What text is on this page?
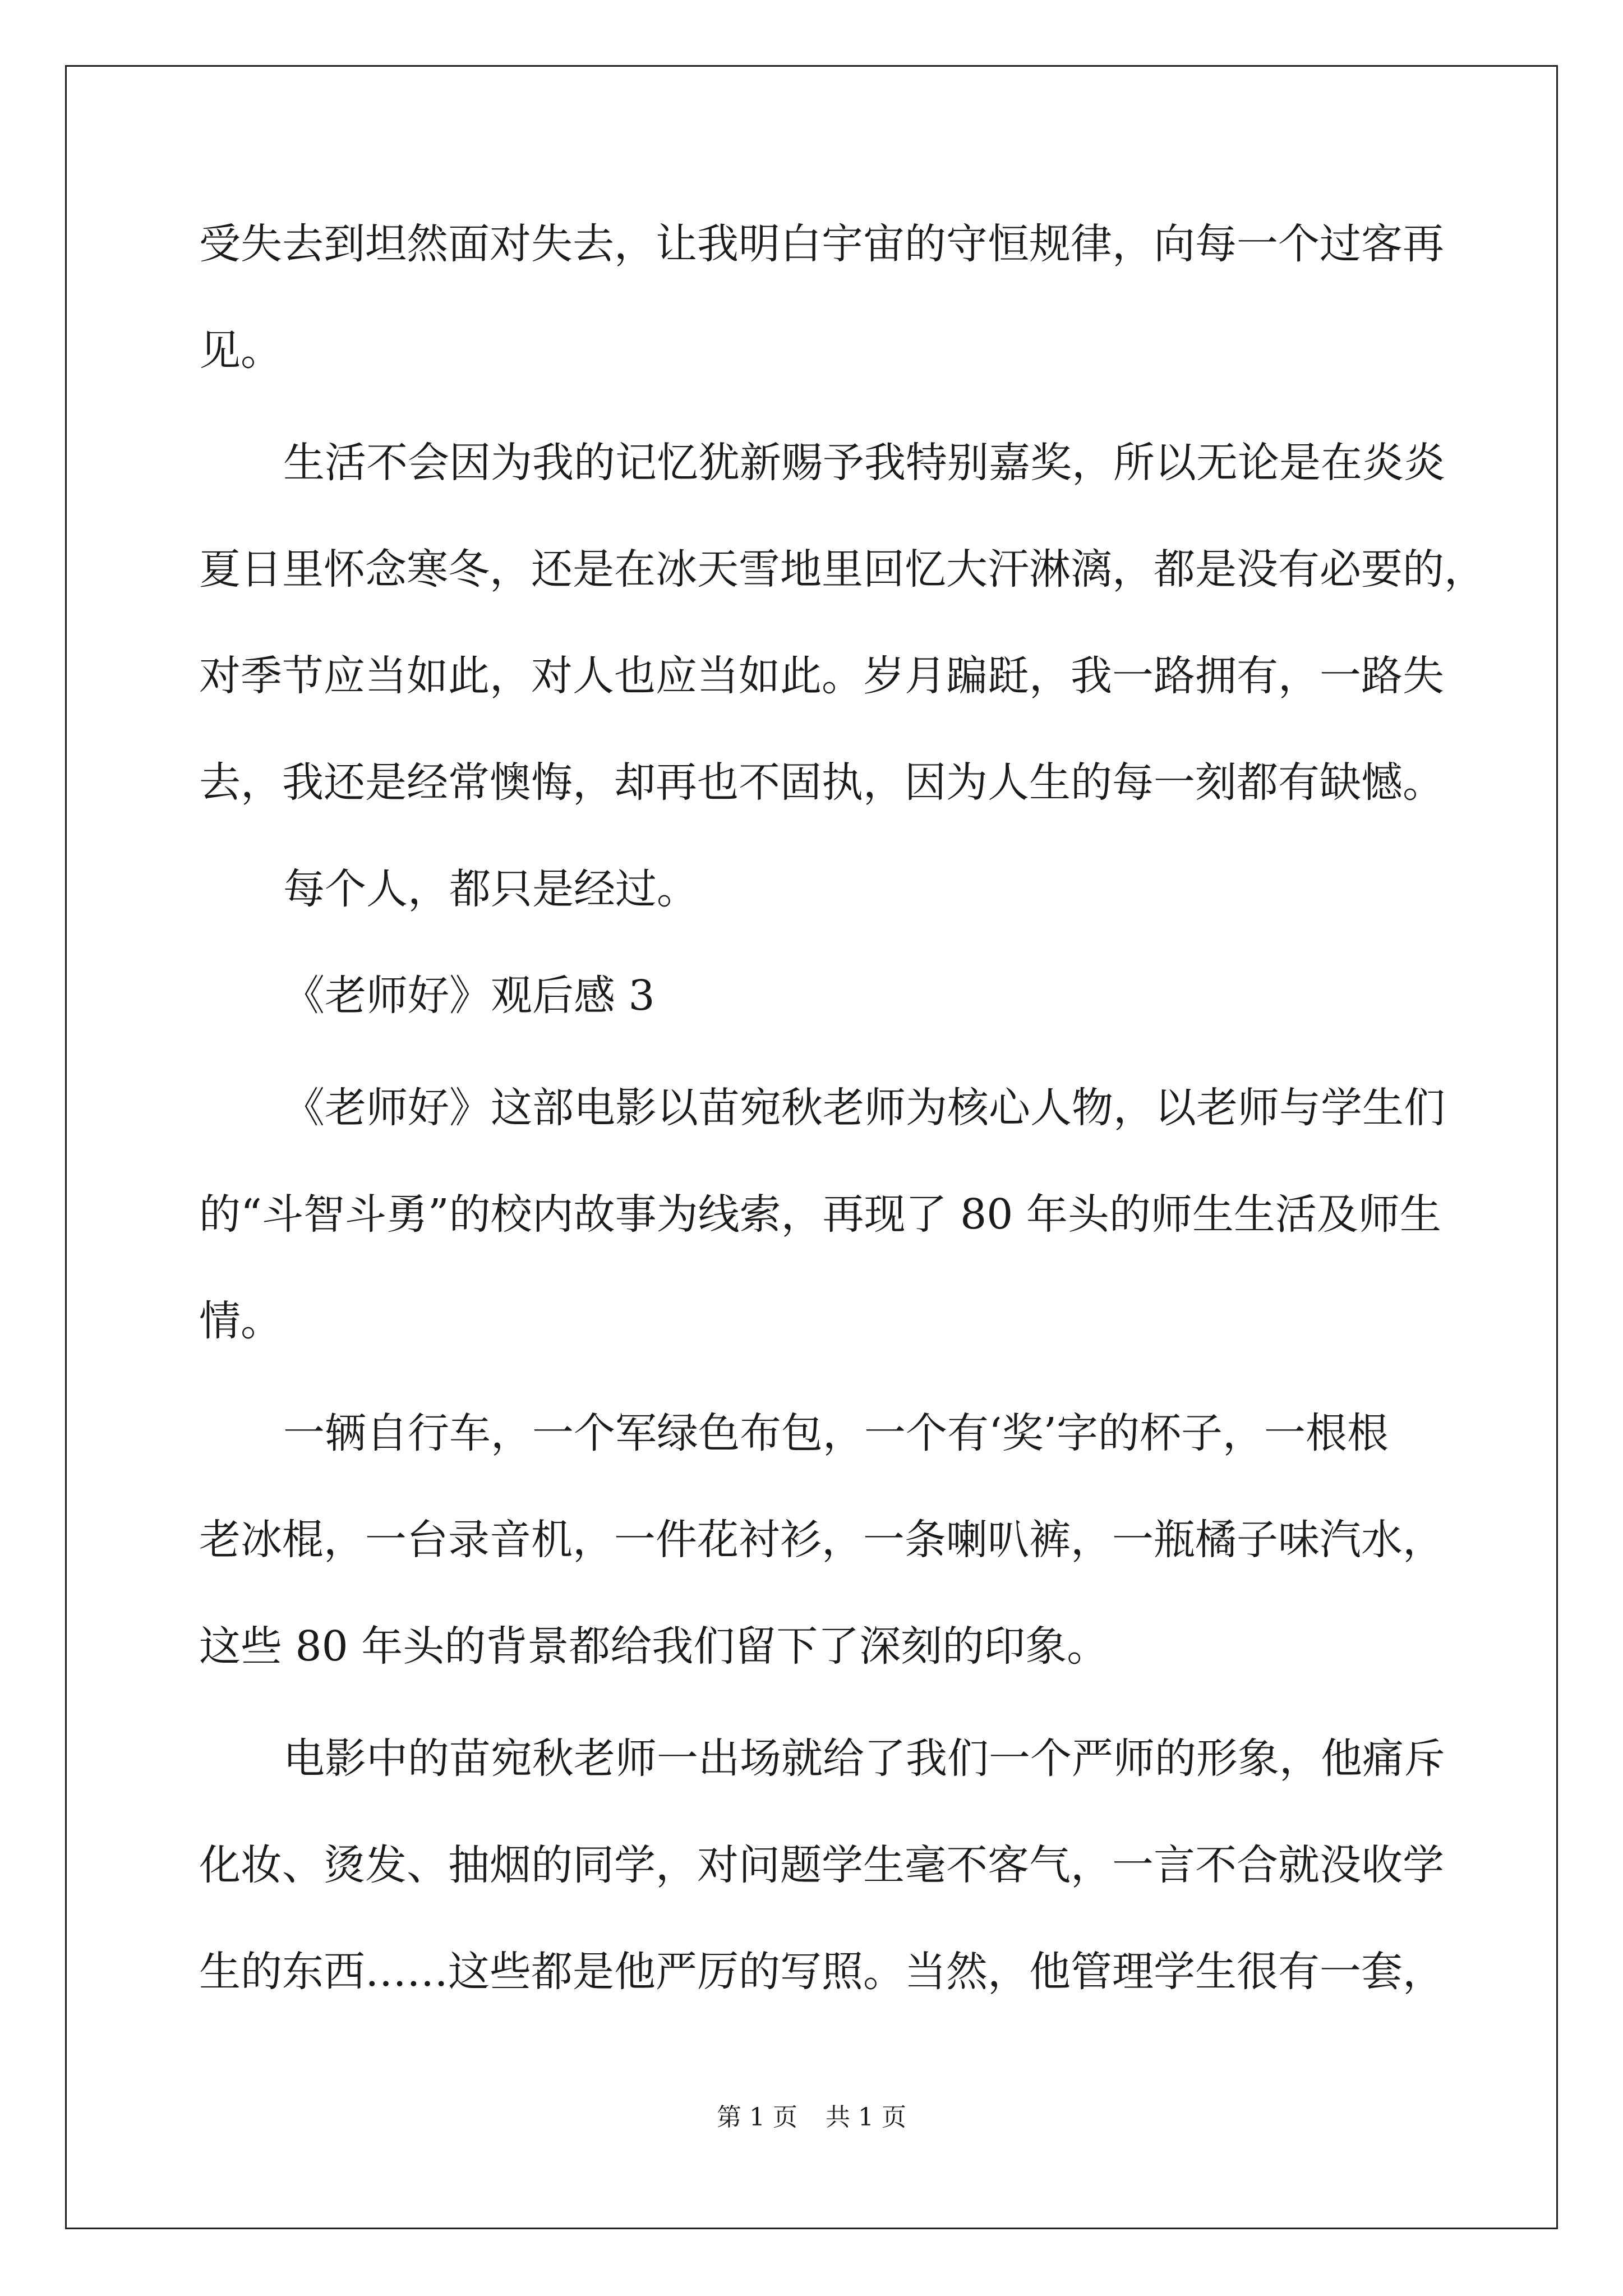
受失去到坦然面对失去，让我明白宇宙的守恒规律，向每一个过客再
见。
生活不会因为我的记忆犹新赐予我特别嘉奖，所以无论是在炎炎
夏日里怀念寒冬，还是在冰天雪地里回忆大汗淋漓，都是没有必要的，
对季节应当如此，对人也应当如此。岁月蹁跹，我一路拥有，一路失
去，我还是经常懊悔，却再也不固执，因为人生的每一刻都有缺憾。
每个人，都只是经过。
《老师好》观后感 3
《老师好》这部电影以苗宛秋老师为核心人物，以老师与学生们
的“斗智斗勇”的校内故事为线索，再现了 80 年头的师生生活及师生
情。
一辆自行车，一个军绿色布包，一个有‘奖’字的杯子，一根根
老冰棍，一台录音机，一件花衬衫，一条喇叭裤，一瓶橘子味汽水，
这些 80 年头的背景都给我们留下了深刻的印象。
电影中的苗宛秋老师一出场就给了我们一个严师的形象，他痛斥
化妆、烫发、抽烟的同学，对问题学生毫不客气，一言不合就没收学
生的东西……这些都是他严厉的写照。当然，他管理学生很有一套，
第 1 页 共 1 页
